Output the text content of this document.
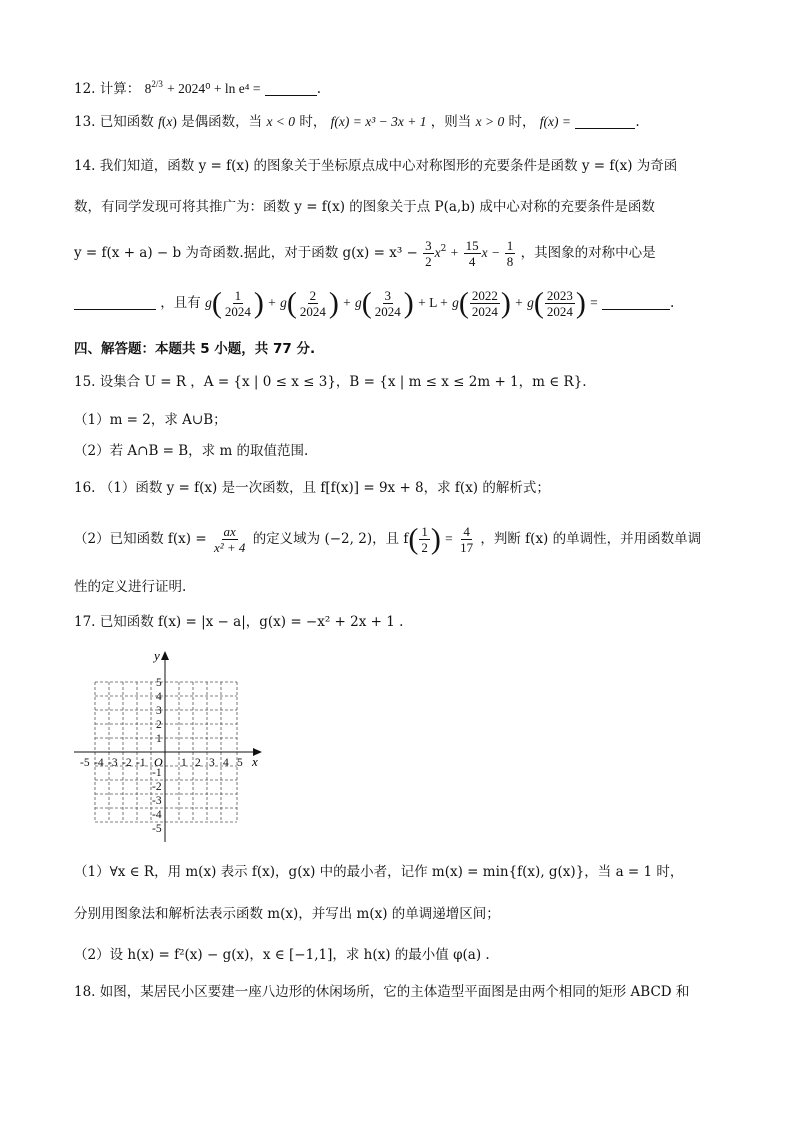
12. 计算： $8^{2/3} + 2024^0 + \ln e^4$ =	.
13. 已知函数 f(x) 是偶函数，当 x < 0 时， f(x) = x³ − 3x + 1 ，则当 x > 0 时， f(x) =	.
14. 我们知道，函数 y = f(x) 的图象关于坐标原点成中心对称图形的充要条件是函数 y = f(x) 为奇函
数，有同学发现可将其推广为：函数 y = f(x) 的图象关于点 P(a,b) 成中心对称的充要条件是函数
y = f(x + a) − b 为奇函数.据此，对于函数 $g(x) = x^3 - \frac{3}{2} x^2 + \frac{15}{4}$ $x - \frac{1}{8}$ ，其图象的对称中心是
，且有 $g( \frac{1}{2024}$ ) + $g( \frac{2}{2024}$ ) + $g( \frac{3}{2024}$ ) + $L + g( \frac{2022}{2024}$ ) + $g( \frac{2023}{2024}$ ) =	.
四、解答题：本题共 5 小题，共 77 分.
15. 设集合 U = R ，A = {x | 0 ≤ x ≤ 3}，B = {x | m ≤ x ≤ 2m + 1，m ∈ R}.
（1）m = 2，求 A∪B；
（2）若 A∩B = B，求 m 的取值范围.
16. （1）函数 y = f(x) 是一次函数，且 f[f(x)] = 9x + 8，求 f(x) 的解析式；
（2）已知函数 $f(x) = \frac{ax}{\text{x² + 4}}$ 的定义域为 (−2, 2)，且 $f( \frac{1}{2}$ ) = $\frac{4}{17}$ ，判断 f(x) 的单调性，并用函数单调
性的定义进行证明.
17. 已知函数 f(x) = |x − a|，g(x) = −x² + 2x + 1 .
y
x
O
-5 -4 -3 -2 -1	1 2 3 4 5
5
4
3
2
1
-1
-2
-3
-4
-5
（1）∀x ∈ R，用 m(x) 表示 f(x)，g(x) 中的最小者，记作 m(x) = min{f(x), g(x)}，当 a = 1 时，
分别用图象法和解析法表示函数 m(x)，并写出 m(x) 的单调递增区间；
（2）设 h(x) = f²(x) − g(x)，x ∈ [−1,1]，求 h(x) 的最小值 φ(a) .
18. 如图，某居民小区要建一座八边形的休闲场所，它的主体造型平面图是由两个相同的矩形 ABCD 和
